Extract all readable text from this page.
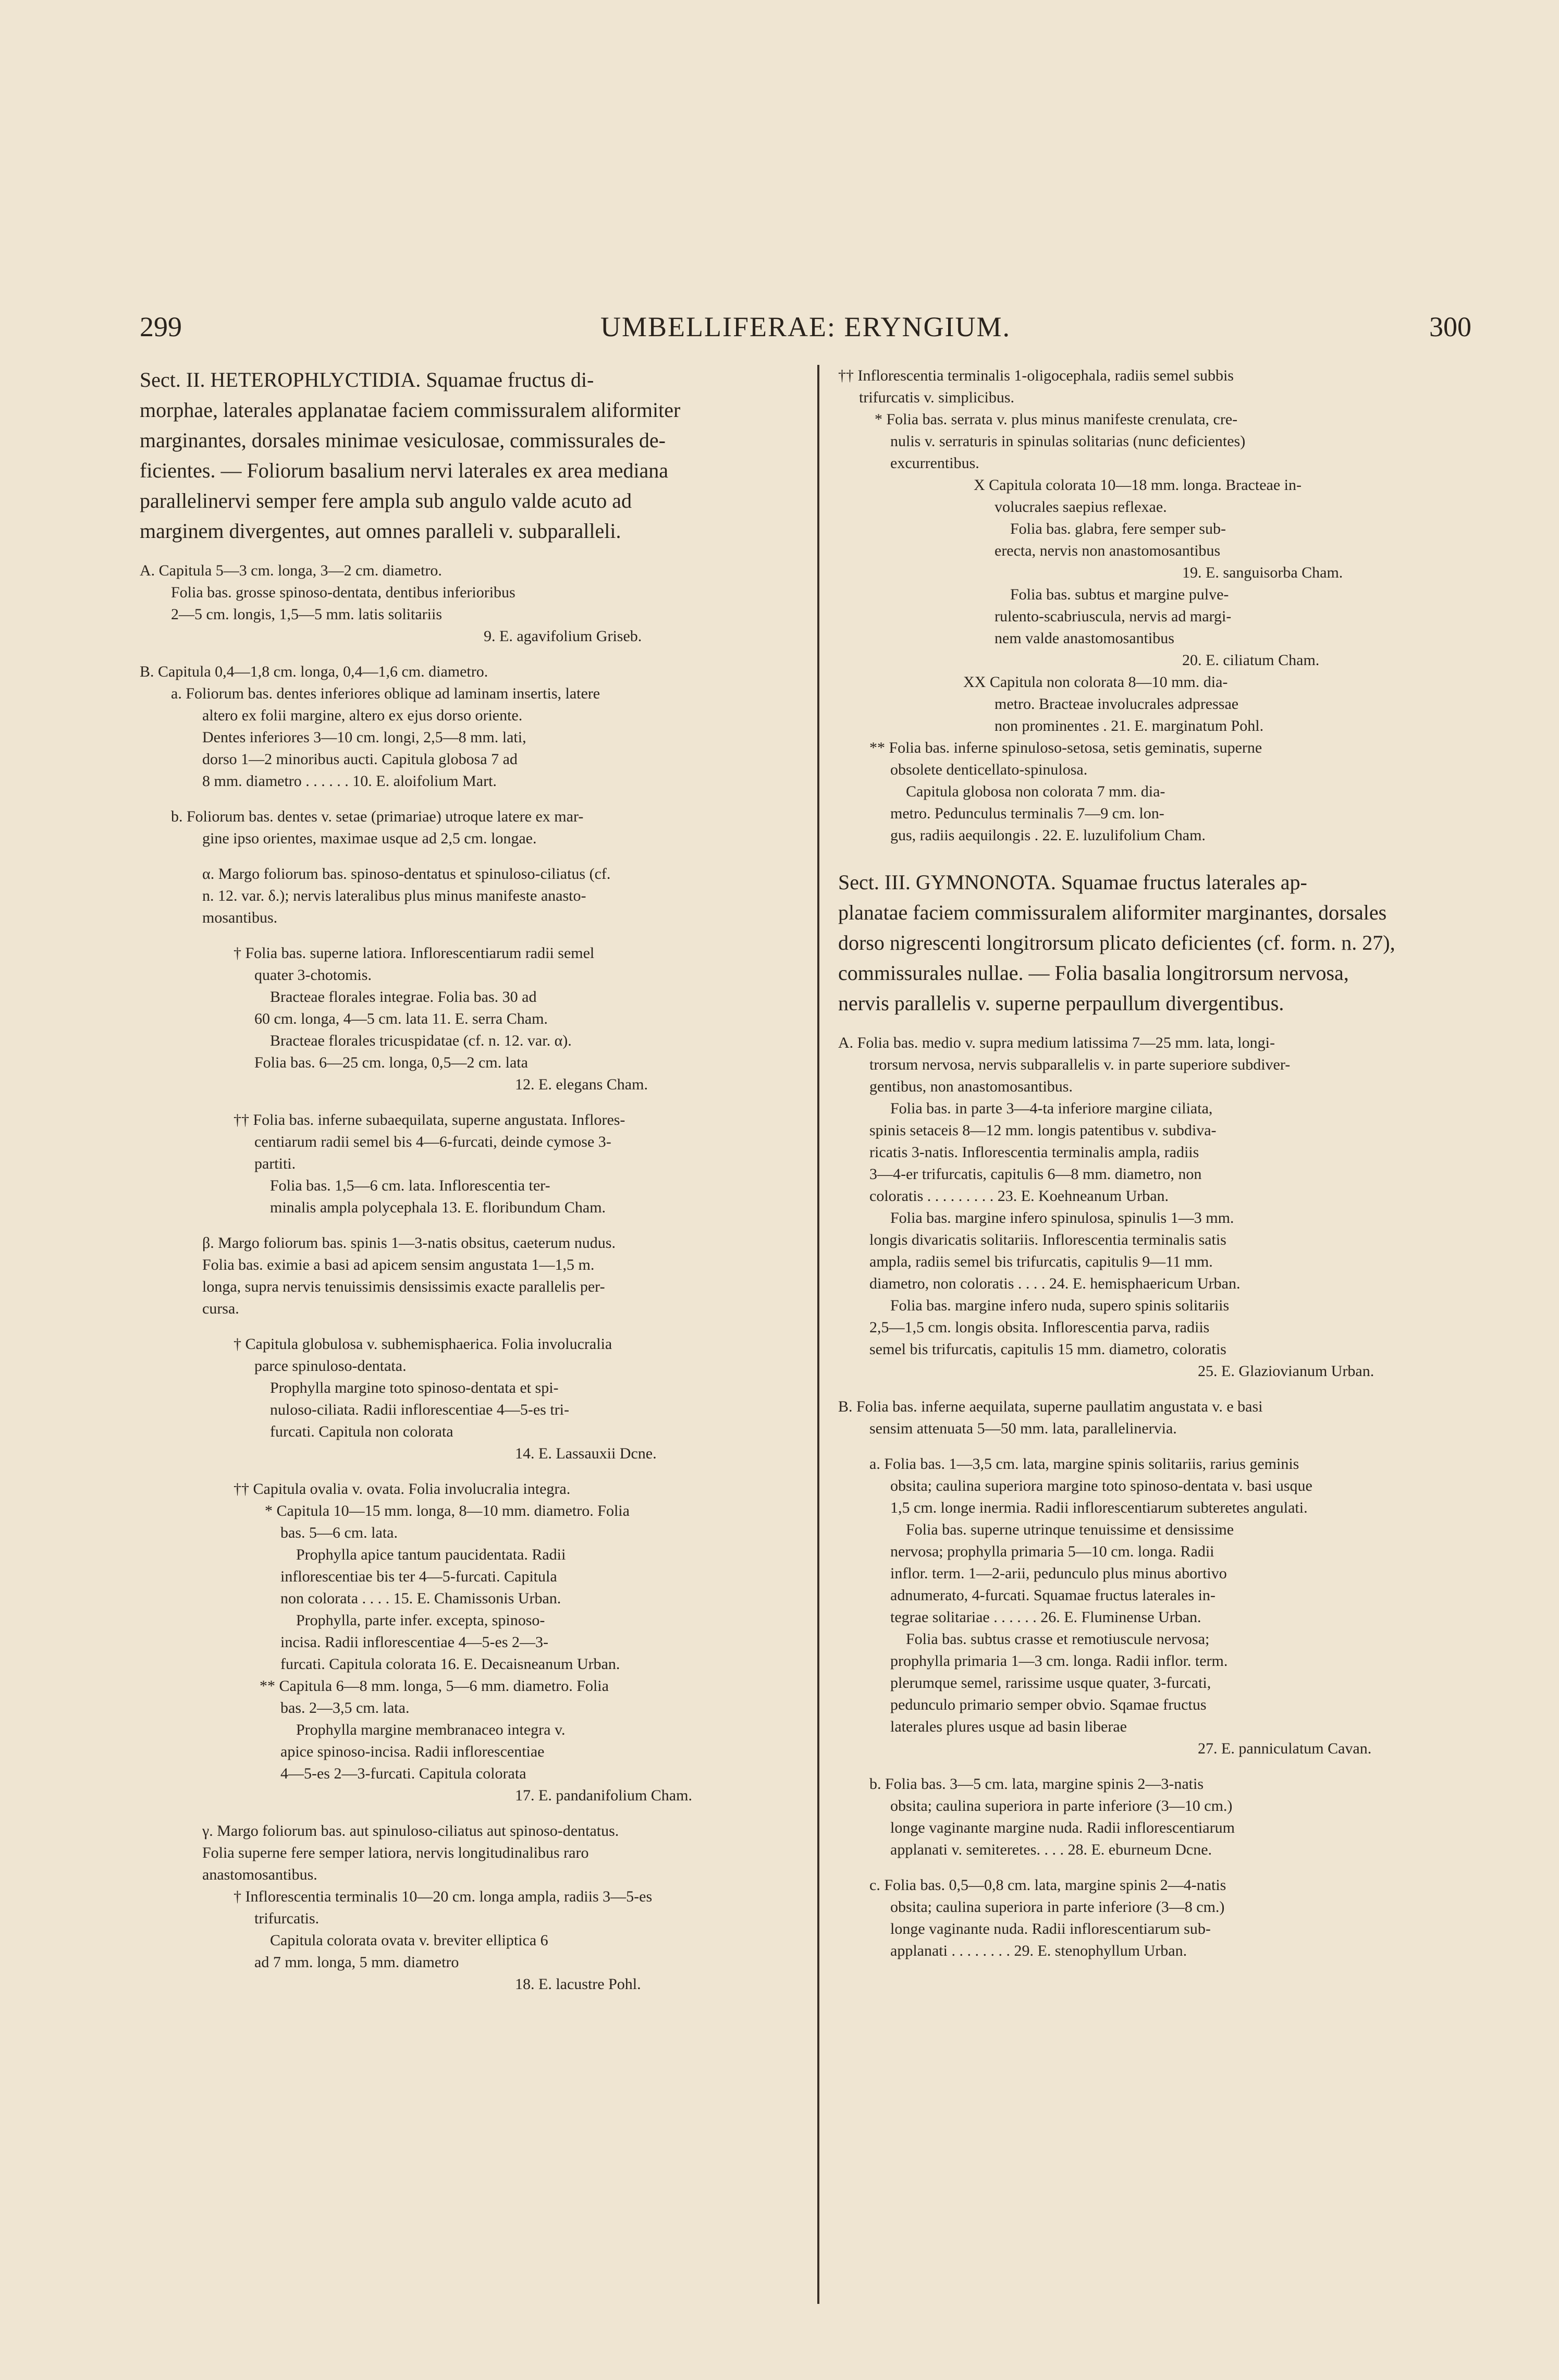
299	UMBELLIFERAE: ERYNGIUM.	300
Sect. II. HETEROPHLYCTIDIA. Squamae fructus di-
morphae, laterales applanatae faciem commissuralem aliformiter
marginantes, dorsales minimae vesiculosae, commissurales de-
ficientes. — Foliorum basalium nervi laterales ex area mediana
parallelinervi semper fere ampla sub angulo valde acuto ad
marginem divergentes, aut omnes paralleli v. subparalleli.
A. Capitula 5—3 cm. longa, 3—2 cm. diametro.
Folia bas. grosse spinoso-dentata, dentibus inferioribus
2—5 cm. longis, 1,5—5 mm. latis solitariis
9. E. agavifolium Griseb.
B. Capitula 0,4—1,8 cm. longa, 0,4—1,6 cm. diametro.
a. Foliorum bas. dentes inferiores oblique ad laminam insertis, latere
altero ex folii margine, altero ex ejus dorso oriente.
Dentes inferiores 3—10 cm. longi, 2,5—8 mm. lati,
dorso 1—2 minoribus aucti. Capitula globosa 7 ad
8 mm. diametro . . . . . . 10. E. aloifolium Mart.
b. Foliorum bas. dentes v. setae (primariae) utroque latere ex mar-
gine ipso orientes, maximae usque ad 2,5 cm. longae.
α. Margo foliorum bas. spinoso-dentatus et spinuloso-ciliatus (cf.
n. 12. var. δ.); nervis lateralibus plus minus manifeste anasto-
mosantibus.
† Folia bas. superne latiora. Inflorescentiarum radii semel
quater 3-chotomis.
Bracteae florales integrae. Folia bas. 30 ad
60 cm. longa, 4—5 cm. lata 11. E. serra Cham.
Bracteae florales tricuspidatae (cf. n. 12. var. α).
Folia bas. 6—25 cm. longa, 0,5—2 cm. lata
12. E. elegans Cham.
†† Folia bas. inferne subaequilata, superne angustata. Inflores-
centiarum radii semel bis 4—6-furcati, deinde cymose 3-
partiti.
Folia bas. 1,5—6 cm. lata. Inflorescentia ter-
minalis ampla polycephala 13. E. floribundum Cham.
β. Margo foliorum bas. spinis 1—3-natis obsitus, caeterum nudus.
Folia bas. eximie a basi ad apicem sensim angustata 1—1,5 m.
longa, supra nervis tenuissimis densissimis exacte parallelis per-
cursa.
† Capitula globulosa v. subhemisphaerica. Folia involucralia
parce spinuloso-dentata.
Prophylla margine toto spinoso-dentata et spi-
nuloso-ciliata. Radii inflorescentiae 4—5-es tri-
furcati. Capitula non colorata
14. E. Lassauxii Dcne.
†† Capitula ovalia v. ovata. Folia involucralia integra.
* Capitula 10—15 mm. longa, 8—10 mm. diametro. Folia
bas. 5—6 cm. lata.
Prophylla apice tantum paucidentata. Radii
inflorescentiae bis ter 4—5-furcati. Capitula
non colorata . . . . 15. E. Chamissonis Urban.
Prophylla, parte infer. excepta, spinoso-
incisa. Radii inflorescentiae 4—5-es 2—3-
furcati. Capitula colorata 16. E. Decaisneanum Urban.
** Capitula 6—8 mm. longa, 5—6 mm. diametro. Folia
bas. 2—3,5 cm. lata.
Prophylla margine membranaceo integra v.
apice spinoso-incisa. Radii inflorescentiae
4—5-es 2—3-furcati. Capitula colorata
17. E. pandanifolium Cham.
γ. Margo foliorum bas. aut spinuloso-ciliatus aut spinoso-dentatus.
Folia superne fere semper latiora, nervis longitudinalibus raro
anastomosantibus.
† Inflorescentia terminalis 10—20 cm. longa ampla, radiis 3—5-es
trifurcatis.
Capitula colorata ovata v. breviter elliptica 6
ad 7 mm. longa, 5 mm. diametro
18. E. lacustre Pohl.
†† Inflorescentia terminalis 1-oligocephala, radiis semel subbis
trifurcatis v. simplicibus.
* Folia bas. serrata v. plus minus manifeste crenulata, cre-
nulis v. serraturis in spinulas solitarias (nunc deficientes)
excurrentibus.
X Capitula colorata 10—18 mm. longa. Bracteae in-
volucrales saepius reflexae.
Folia bas. glabra, fere semper sub-
erecta, nervis non anastomosantibus
19. E. sanguisorba Cham.
Folia bas. subtus et margine pulve-
rulento-scabriuscula, nervis ad margi-
nem valde anastomosantibus
20. E. ciliatum Cham.
XX Capitula non colorata 8—10 mm. dia-
metro. Bracteae involucrales adpressae
non prominentes . 21. E. marginatum Pohl.
** Folia bas. inferne spinuloso-setosa, setis geminatis, superne
obsolete denticellato-spinulosa.
Capitula globosa non colorata 7 mm. dia-
metro. Pedunculus terminalis 7—9 cm. lon-
gus, radiis aequilongis . 22. E. luzulifolium Cham.
Sect. III. GYMNONOTA. Squamae fructus laterales ap-
planatae faciem commissuralem aliformiter marginantes, dorsales
dorso nigrescenti longitrorsum plicato deficientes (cf. form. n. 27),
commissurales nullae. — Folia basalia longitrorsum nervosa,
nervis parallelis v. superne perpaullum divergentibus.
A. Folia bas. medio v. supra medium latissima 7—25 mm. lata, longi-
trorsum nervosa, nervis subparallelis v. in parte superiore subdiver-
gentibus, non anastomosantibus.
Folia bas. in parte 3—4-ta inferiore margine ciliata,
spinis setaceis 8—12 mm. longis patentibus v. subdiva-
ricatis 3-natis. Inflorescentia terminalis ampla, radiis
3—4-er trifurcatis, capitulis 6—8 mm. diametro, non
coloratis . . . . . . . . . 23. E. Koehneanum Urban.
Folia bas. margine infero spinulosa, spinulis 1—3 mm.
longis divaricatis solitariis. Inflorescentia terminalis satis
ampla, radiis semel bis trifurcatis, capitulis 9—11 mm.
diametro, non coloratis . . . . 24. E. hemisphaericum Urban.
Folia bas. margine infero nuda, supero spinis solitariis
2,5—1,5 cm. longis obsita. Inflorescentia parva, radiis
semel bis trifurcatis, capitulis 15 mm. diametro, coloratis
25. E. Glaziovianum Urban.
B. Folia bas. inferne aequilata, superne paullatim angustata v. e basi
sensim attenuata 5—50 mm. lata, parallelinervia.
a. Folia bas. 1—3,5 cm. lata, margine spinis solitariis, rarius geminis
obsita; caulina superiora margine toto spinoso-dentata v. basi usque
1,5 cm. longe inermia. Radii inflorescentiarum subteretes angulati.
Folia bas. superne utrinque tenuissime et densissime
nervosa; prophylla primaria 5—10 cm. longa. Radii
inflor. term. 1—2-arii, pedunculo plus minus abortivo
adnumerato, 4-furcati. Squamae fructus laterales in-
tegrae solitariae . . . . . . 26. E. Fluminense Urban.
Folia bas. subtus crasse et remotiuscule nervosa;
prophylla primaria 1—3 cm. longa. Radii inflor. term.
plerumque semel, rarissime usque quater, 3-furcati,
pedunculo primario semper obvio. Sqamae fructus
laterales plures usque ad basin liberae
27. E. panniculatum Cavan.
b. Folia bas. 3—5 cm. lata, margine spinis 2—3-natis
obsita; caulina superiora in parte inferiore (3—10 cm.)
longe vaginante margine nuda. Radii inflorescentiarum
applanati v. semiteretes. . . . 28. E. eburneum Dcne.
c. Folia bas. 0,5—0,8 cm. lata, margine spinis 2—4-natis
obsita; caulina superiora in parte inferiore (3—8 cm.)
longe vaginante nuda. Radii inflorescentiarum sub-
applanati . . . . . . . . 29. E. stenophyllum Urban.
